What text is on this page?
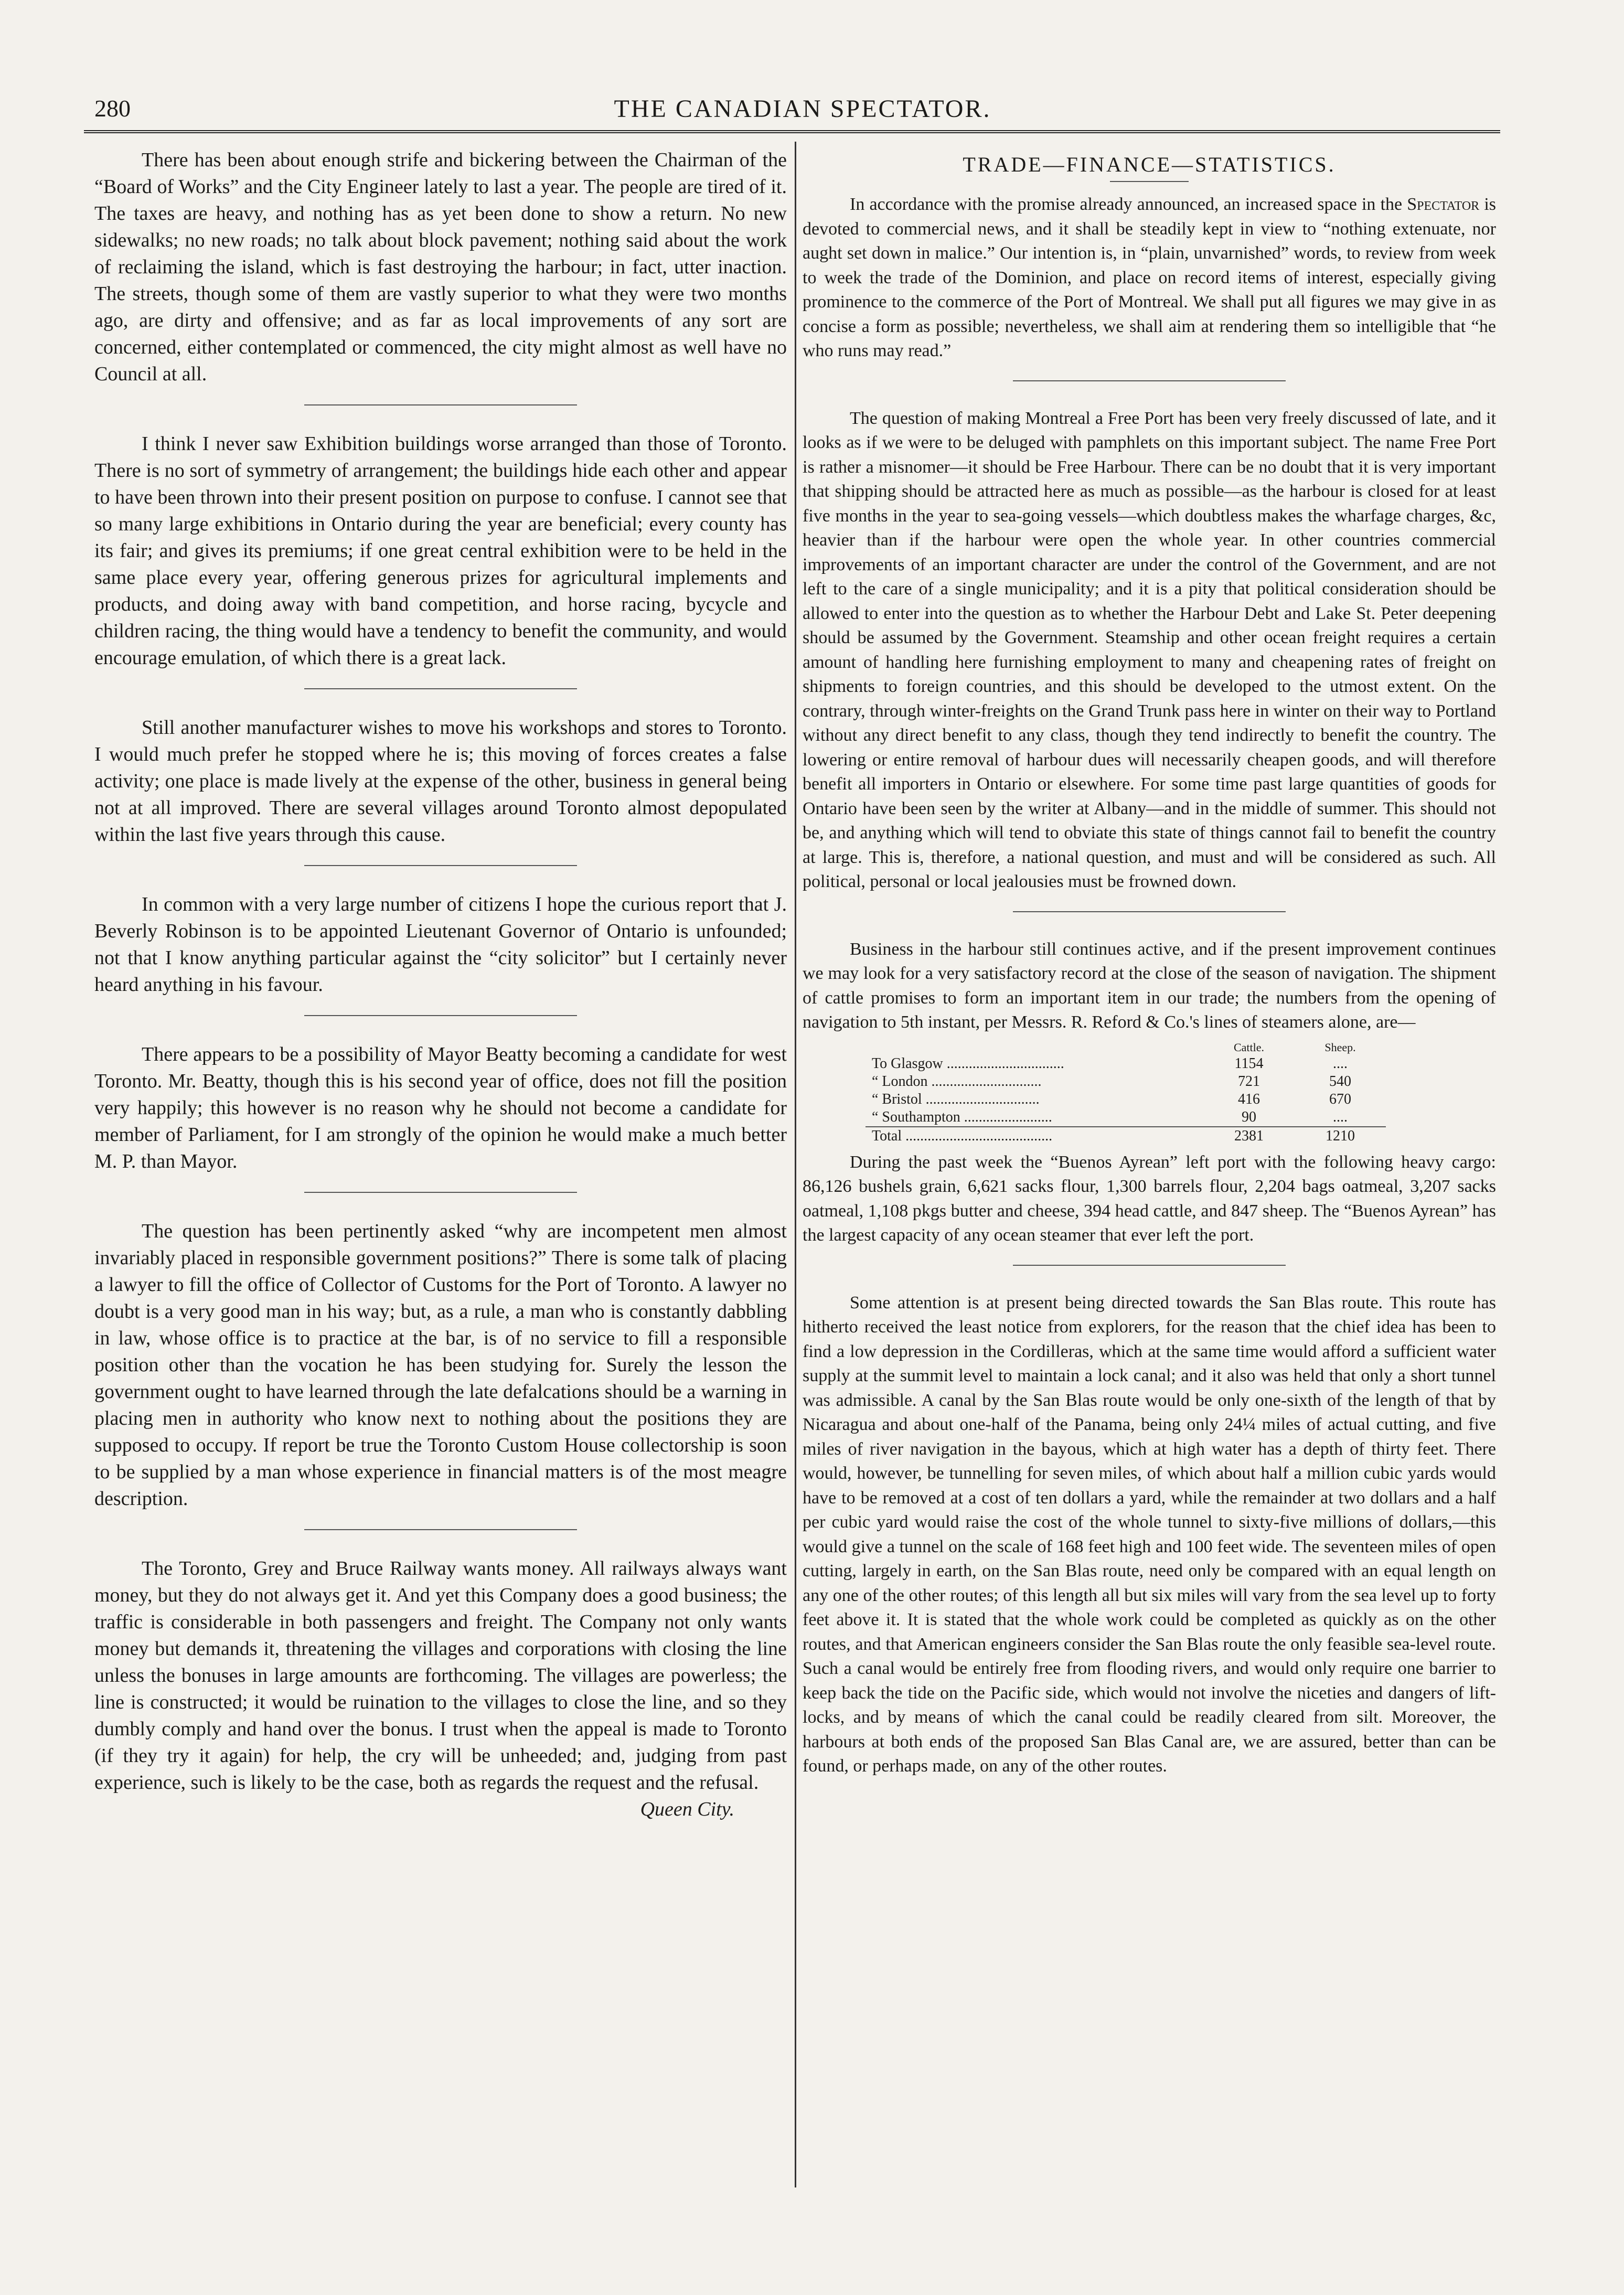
280	THE CANADIAN SPECTATOR.

There has been about enough strife and bickering between the Chairman of the “Board of Works” and the City Engineer lately to last a year. The people are tired of it. The taxes are heavy, and nothing has as yet been done to show a return. No new sidewalks; no new roads; no talk about block pavement; nothing said about the work of reclaiming the island, which is fast destroying the harbour; in fact, utter inaction. The streets, though some of them are vastly superior to what they were two months ago, are dirty and offensive; and as far as local improvements of any sort are concerned, either contemplated or commenced, the city might almost as well have no Council at all.

I think I never saw Exhibition buildings worse arranged than those of Toronto. There is no sort of symmetry of arrangement; the buildings hide each other and appear to have been thrown into their present position on purpose to confuse. I cannot see that so many large exhibitions in Ontario during the year are beneficial; every county has its fair; and gives its premiums; if one great central exhibition were to be held in the same place every year, offering generous prizes for agricultural implements and products, and doing away with band competition, and horse racing, bycycle and children racing, the thing would have a tendency to benefit the community, and would encourage emulation, of which there is a great lack.

Still another manufacturer wishes to move his workshops and stores to Toronto. I would much prefer he stopped where he is; this moving of forces creates a false activity; one place is made lively at the expense of the other, business in general being not at all improved. There are several villages around Toronto almost depopulated within the last five years through this cause.

In common with a very large number of citizens I hope the curious report that J. Beverly Robinson is to be appointed Lieutenant Governor of Ontario is unfounded; not that I know anything particular against the “city solicitor” but I certainly never heard anything in his favour.

There appears to be a possibility of Mayor Beatty becoming a candidate for west Toronto. Mr. Beatty, though this is his second year of office, does not fill the position very happily; this however is no reason why he should not become a candidate for member of Parliament, for I am strongly of the opinion he would make a much better M. P. than Mayor.

The question has been pertinently asked “why are incompetent men almost invariably placed in responsible government positions?” There is some talk of placing a lawyer to fill the office of Collector of Customs for the Port of Toronto. A lawyer no doubt is a very good man in his way; but, as a rule, a man who is constantly dabbling in law, whose office is to practice at the bar, is of no service to fill a responsible position other than the vocation he has been studying for. Surely the lesson the government ought to have learned through the late defalcations should be a warning in placing men in authority who know next to nothing about the positions they are supposed to occupy. If report be true the Toronto Custom House collectorship is soon to be supplied by a man whose experience in financial matters is of the most meagre description.

The Toronto, Grey and Bruce Railway wants money. All railways always want money, but they do not always get it. And yet this Company does a good business; the traffic is considerable in both passengers and freight. The Company not only wants money but demands it, threatening the villages and corporations with closing the line unless the bonuses in large amounts are forthcoming. The villages are powerless; the line is constructed; it would be ruination to the villages to close the line, and so they dumbly comply and hand over the bonus. I trust when the appeal is made to Toronto (if they try it again) for help, the cry will be unheeded; and, judging from past experience, such is likely to be the case, both as regards the request and the refusal.
Queen City.

TRADE—FINANCE—STATISTICS.

In accordance with the promise already announced, an increased space in the Spectator is devoted to commercial news, and it shall be steadily kept in view to “nothing extenuate, nor aught set down in malice.” Our intention is, in “plain, unvarnished” words, to review from week to week the trade of the Dominion, and place on record items of interest, especially giving prominence to the commerce of the Port of Montreal. We shall put all figures we may give in as concise a form as possible; nevertheless, we shall aim at rendering them so intelligible that “he who runs may read.”

The question of making Montreal a Free Port has been very freely discussed of late, and it looks as if we were to be deluged with pamphlets on this important subject. The name Free Port is rather a misnomer—it should be Free Harbour. There can be no doubt that it is very important that shipping should be attracted here as much as possible—as the harbour is closed for at least five months in the year to sea-going vessels—which doubtless makes the wharfage charges, &c, heavier than if the harbour were open the whole year. In other countries commercial improvements of an important character are under the control of the Government, and are not left to the care of a single municipality; and it is a pity that political consideration should be allowed to enter into the question as to whether the Harbour Debt and Lake St. Peter deepening should be assumed by the Government. Steamship and other ocean freight requires a certain amount of handling here furnishing employment to many and cheapening rates of freight on shipments to foreign countries, and this should be developed to the utmost extent. On the contrary, through winter-freights on the Grand Trunk pass here in winter on their way to Portland without any direct benefit to any class, though they tend indirectly to benefit the country. The lowering or entire removal of harbour dues will necessarily cheapen goods, and will therefore benefit all importers in Ontario or elsewhere. For some time past large quantities of goods for Ontario have been seen by the writer at Albany—and in the middle of summer. This should not be, and anything which will tend to obviate this state of things cannot fail to benefit the country at large. This is, therefore, a national question, and must and will be considered as such. All political, personal or local jealousies must be frowned down.

Business in the harbour still continues active, and if the present improvement continues we may look for a very satisfactory record at the close of the season of navigation. The shipment of cattle promises to form an important item in our trade; the numbers from the opening of navigation to 5th instant, per Messrs. R. Reford & Co.'s lines of steamers alone, are—

	Cattle.	Sheep.
To Glasgow ................................	1154	....
“ London ..............................	721	540
“ Bristol ...............................	416	670
“ Southampton ........................	90	....
Total ........................................	2381	1210

During the past week the “Buenos Ayrean” left port with the following heavy cargo: 86,126 bushels grain, 6,621 sacks flour, 1,300 barrels flour, 2,204 bags oatmeal, 3,207 sacks oatmeal, 1,108 pkgs butter and cheese, 394 head cattle, and 847 sheep. The “Buenos Ayrean” has the largest capacity of any ocean steamer that ever left the port.

Some attention is at present being directed towards the San Blas route. This route has hitherto received the least notice from explorers, for the reason that the chief idea has been to find a low depression in the Cordilleras, which at the same time would afford a sufficient water supply at the summit level to maintain a lock canal; and it also was held that only a short tunnel was admissible. A canal by the San Blas route would be only one-sixth of the length of that by Nicaragua and about one-half of the Panama, being only 24¼ miles of actual cutting, and five miles of river navigation in the bayous, which at high water has a depth of thirty feet. There would, however, be tunnelling for seven miles, of which about half a million cubic yards would have to be removed at a cost of ten dollars a yard, while the remainder at two dollars and a half per cubic yard would raise the cost of the whole tunnel to sixty-five millions of dollars,—this would give a tunnel on the scale of 168 feet high and 100 feet wide. The seventeen miles of open cutting, largely in earth, on the San Blas route, need only be compared with an equal length on any one of the other routes; of this length all but six miles will vary from the sea level up to forty feet above it. It is stated that the whole work could be completed as quickly as on the other routes, and that American engineers consider the San Blas route the only feasible sea-level route. Such a canal would be entirely free from flooding rivers, and would only require one barrier to keep back the tide on the Pacific side, which would not involve the niceties and dangers of lift-locks, and by means of which the canal could be readily cleared from silt. Moreover, the harbours at both ends of the proposed San Blas Canal are, we are assured, better than can be found, or perhaps made, on any of the other routes.
